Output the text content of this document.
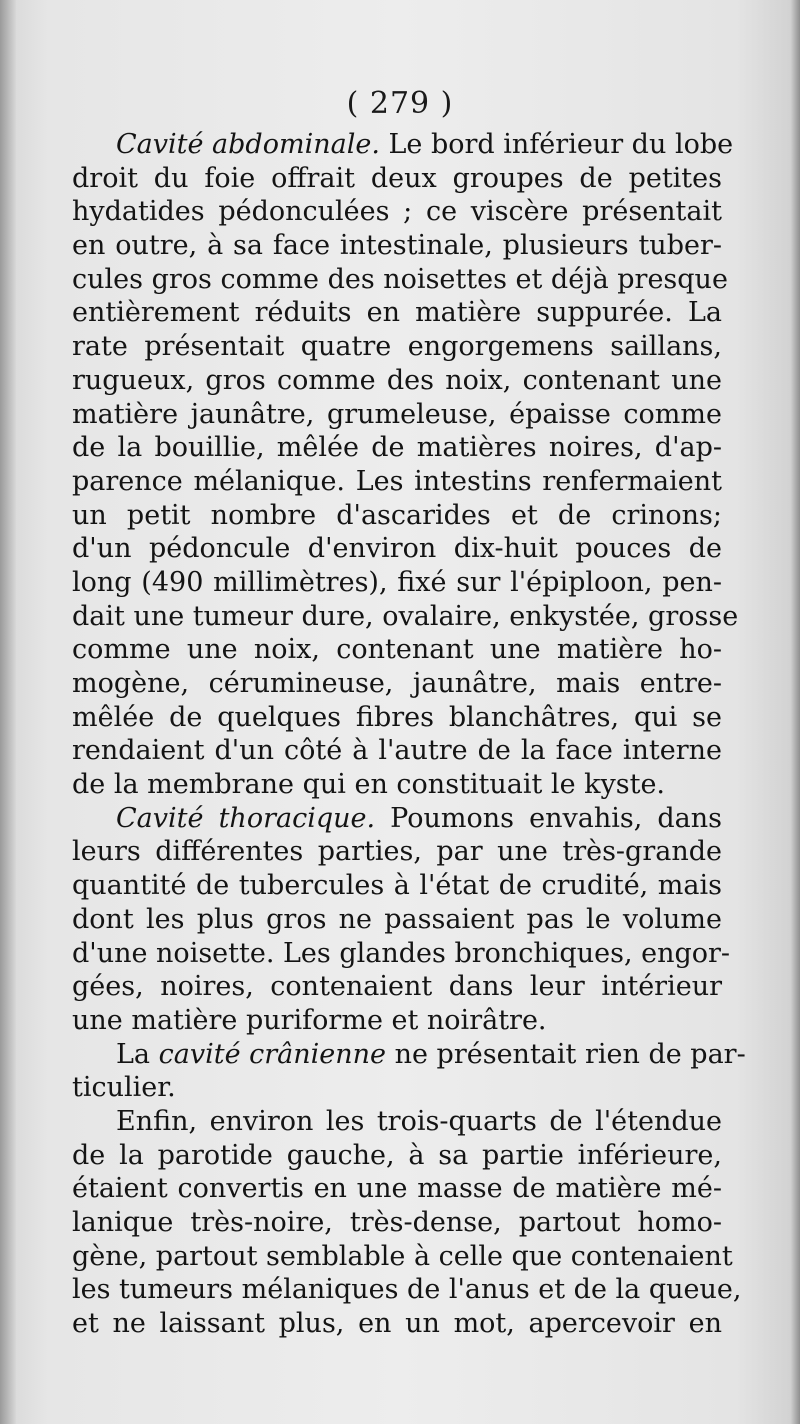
( 279 )
Cavité abdominale. Le bord inférieur du lobe
droit du foie offrait deux groupes de petites
hydatides pédonculées ; ce viscère présentait
en outre, à sa face intestinale, plusieurs tuber-
cules gros comme des noisettes et déjà presque
entièrement réduits en matière suppurée. La
rate présentait quatre engorgemens saillans,
rugueux, gros comme des noix, contenant une
matière jaunâtre, grumeleuse, épaisse comme
de la bouillie, mêlée de matières noires, d'ap-
parence mélanique. Les intestins renfermaient
un petit nombre d'ascarides et de crinons;
d'un pédoncule d'environ dix-huit pouces de
long (490 millimètres), fixé sur l'épiploon, pen-
dait une tumeur dure, ovalaire, enkystée, grosse
comme une noix, contenant une matière ho-
mogène, cérumineuse, jaunâtre, mais entre-
mêlée de quelques fibres blanchâtres, qui se
rendaient d'un côté à l'autre de la face interne
de la membrane qui en constituait le kyste.
Cavité thoracique. Poumons envahis, dans
leurs différentes parties, par une très-grande
quantité de tubercules à l'état de crudité, mais
dont les plus gros ne passaient pas le volume
d'une noisette. Les glandes bronchiques, engor-
gées, noires, contenaient dans leur intérieur
une matière puriforme et noirâtre.
La cavité crânienne ne présentait rien de par-
ticulier.
Enfin, environ les trois-quarts de l'étendue
de la parotide gauche, à sa partie inférieure,
étaient convertis en une masse de matière mé-
lanique très-noire, très-dense, partout homo-
gène, partout semblable à celle que contenaient
les tumeurs mélaniques de l'anus et de la queue,
et ne laissant plus, en un mot, apercevoir en
